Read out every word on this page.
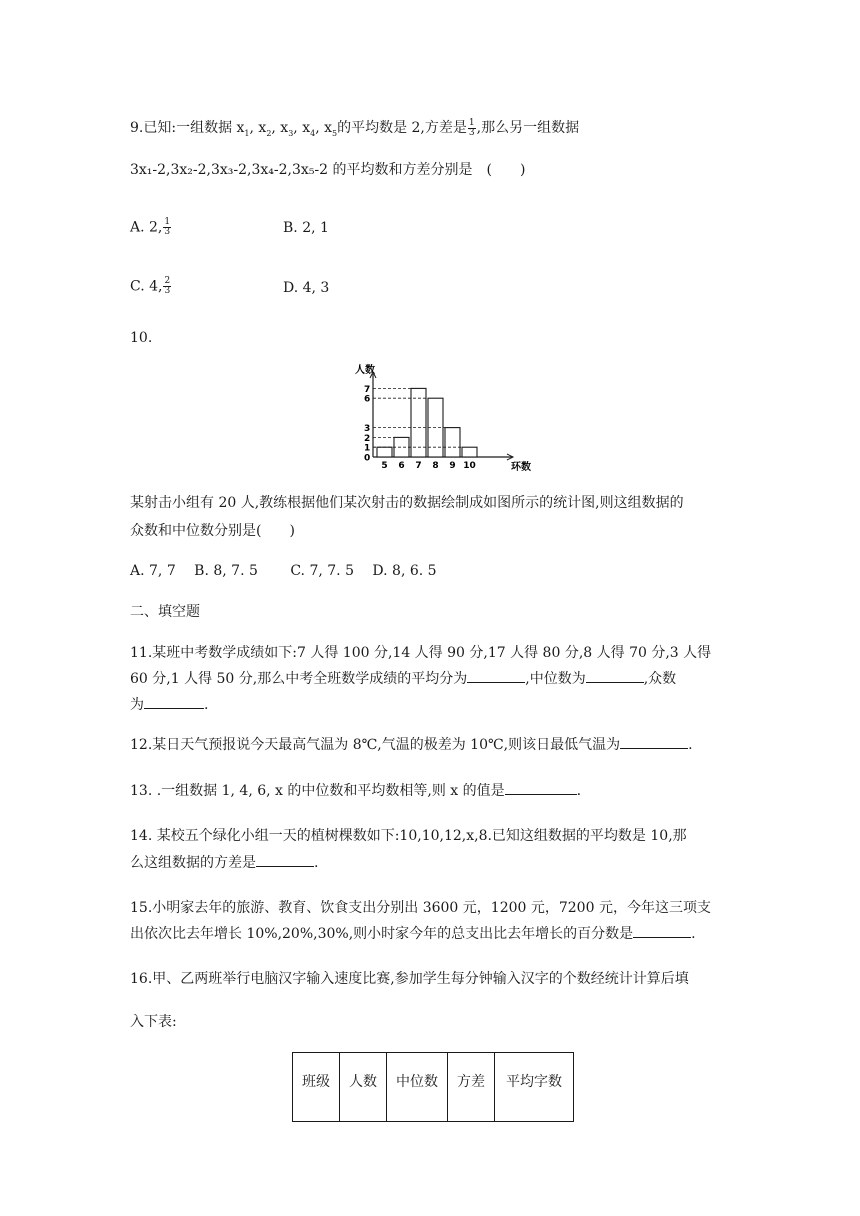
9.已知:一组数据 $x_1$, $x_2$, $x_3$, $x_4$, $x_5$的平均数是 2,方差是 $\frac{1}{3}$ ,那么另一组数据
3x₁-2,3x₂-2,3x₃-2,3x₄-2,3x₅-2 的平均数和方差分别是　(　　)
A. 2, $\frac{1}{3}$	B. 2, 1
C. 4, $\frac{2}{3}$	D. 4, 3
10.
人数
环数
0
1
2
3
6
7
5 6 7 8 9 10
某射击小组有 20 人,教练根据他们某次射击的数据绘制成如图所示的统计图,则这组数据的
众数和中位数分别是(　　)
A. 7, 7　 B. 8, 7. 5　　 C. 7, 7. 5　 D. 8, 6. 5
二、填空题
11.某班中考数学成绩如下:7 人得 100 分,14 人得 90 分,17 人得 80 分,8 人得 70 分,3 人得
60 分,1 人得 50 分,那么中考全班数学成绩的平均分为	,中位数为	,众数
为	.
12.某日天气预报说今天最高气温为 8℃,气温的极差为 10℃,则该日最低气温为	.
13. .一组数据 1, 4, 6, x 的中位数和平均数相等,则 x 的值是	.
14. 某校五个绿化小组一天的植树棵数如下:10,10,12,x,8.已知这组数据的平均数是 10,那
么这组数据的方差是	.
15.小明家去年的旅游、教育、饮食支出分别出 3600 元，1200 元，7200 元，今年这三项支
出依次比去年增长 10%,20%,30%,则小时家今年的总支出比去年增长的百分数是	.
16.甲、乙两班举行电脑汉字输入速度比赛,参加学生每分钟输入汉字的个数经统计计算后填
入下表:
班级	人数	中位数	方差	平均字数
